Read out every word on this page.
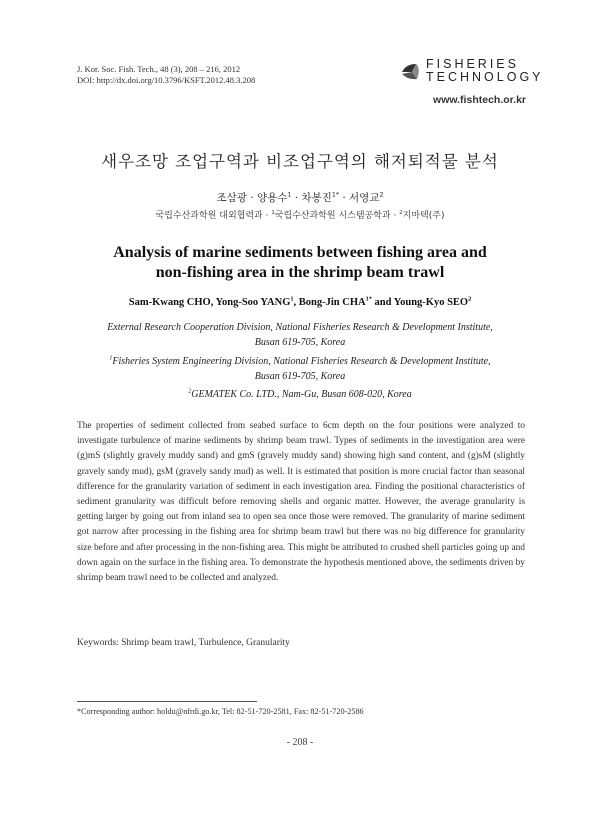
J. Kor. Soc. Fish. Tech., 48 (3), 208 – 216, 2012
DOI: http://dx.doi.org/10.3796/KSFT.2012.48.3.208
FISHERIES
TECHNOLOGY
www.fishtech.or.kr
새우조망 조업구역과 비조업구역의 해저퇴적물 분석
조삼광 · 양용수$^1$ · 차봉진$^{1*}$ · 서영교$^2$
국립수산과학원 대외협력과 · $^1$국립수산과학원 시스템공학과 · $^2$지마텍(주)
Analysis of marine sediments between fishing area and
non-fishing area in the shrimp beam trawl
Sam-Kwang CHO, Yong-Soo YANG$^1$, Bong-Jin $CHA^{1*}$ and Young-Kyo SEO$^2$
External Research Cooperation Division, National Fisheries Research & Development Institute,
Busan 619-705, Korea
$^1$Fisheries System Engineering Division, National Fisheries Research & Development Institute,
Busan 619-705, Korea
$^2$GEMATEK Co. LTD., Nam-Gu, Busan 608-020, Korea

The properties of sediment collected from seabed surface to 6cm depth on the four positions were analyzed to investigate turbulence of marine sediments by shrimp beam trawl. Types of sediments in the investigation area were (g)mS (slightly gravely muddy sand) and gmS (gravely muddy sand) showing high sand content, and (g)sM (slightly gravely sandy mud), gsM (gravely sandy mud) as well. It is estimated that position is more crucial factor than seasonal difference for the granularity variation of sediment in each investigation area. Finding the positional characteristics of sediment granularity was difficult before removing shells and organic matter. However, the average granularity is getting larger by going out from inland sea to open sea once those were removed. The granularity of marine sediment got narrow after processing in the fishing area for shrimp beam trawl but there was no big difference for granularity size before and after processing in the non-fishing area. This might be attributed to crushed shell particles going up and down again on the surface in the fishing area. To demonstrate the hypothesis mentioned above, the sediments driven by shrimp beam trawl need to be collected and analyzed.

Keywords: Shrimp beam trawl, Turbulence, Granularity
*Corresponding author: holdu@nfrdi.go.kr, Tel: 82-51-720-2581, Fax: 82-51-720-2586
- 208 -
